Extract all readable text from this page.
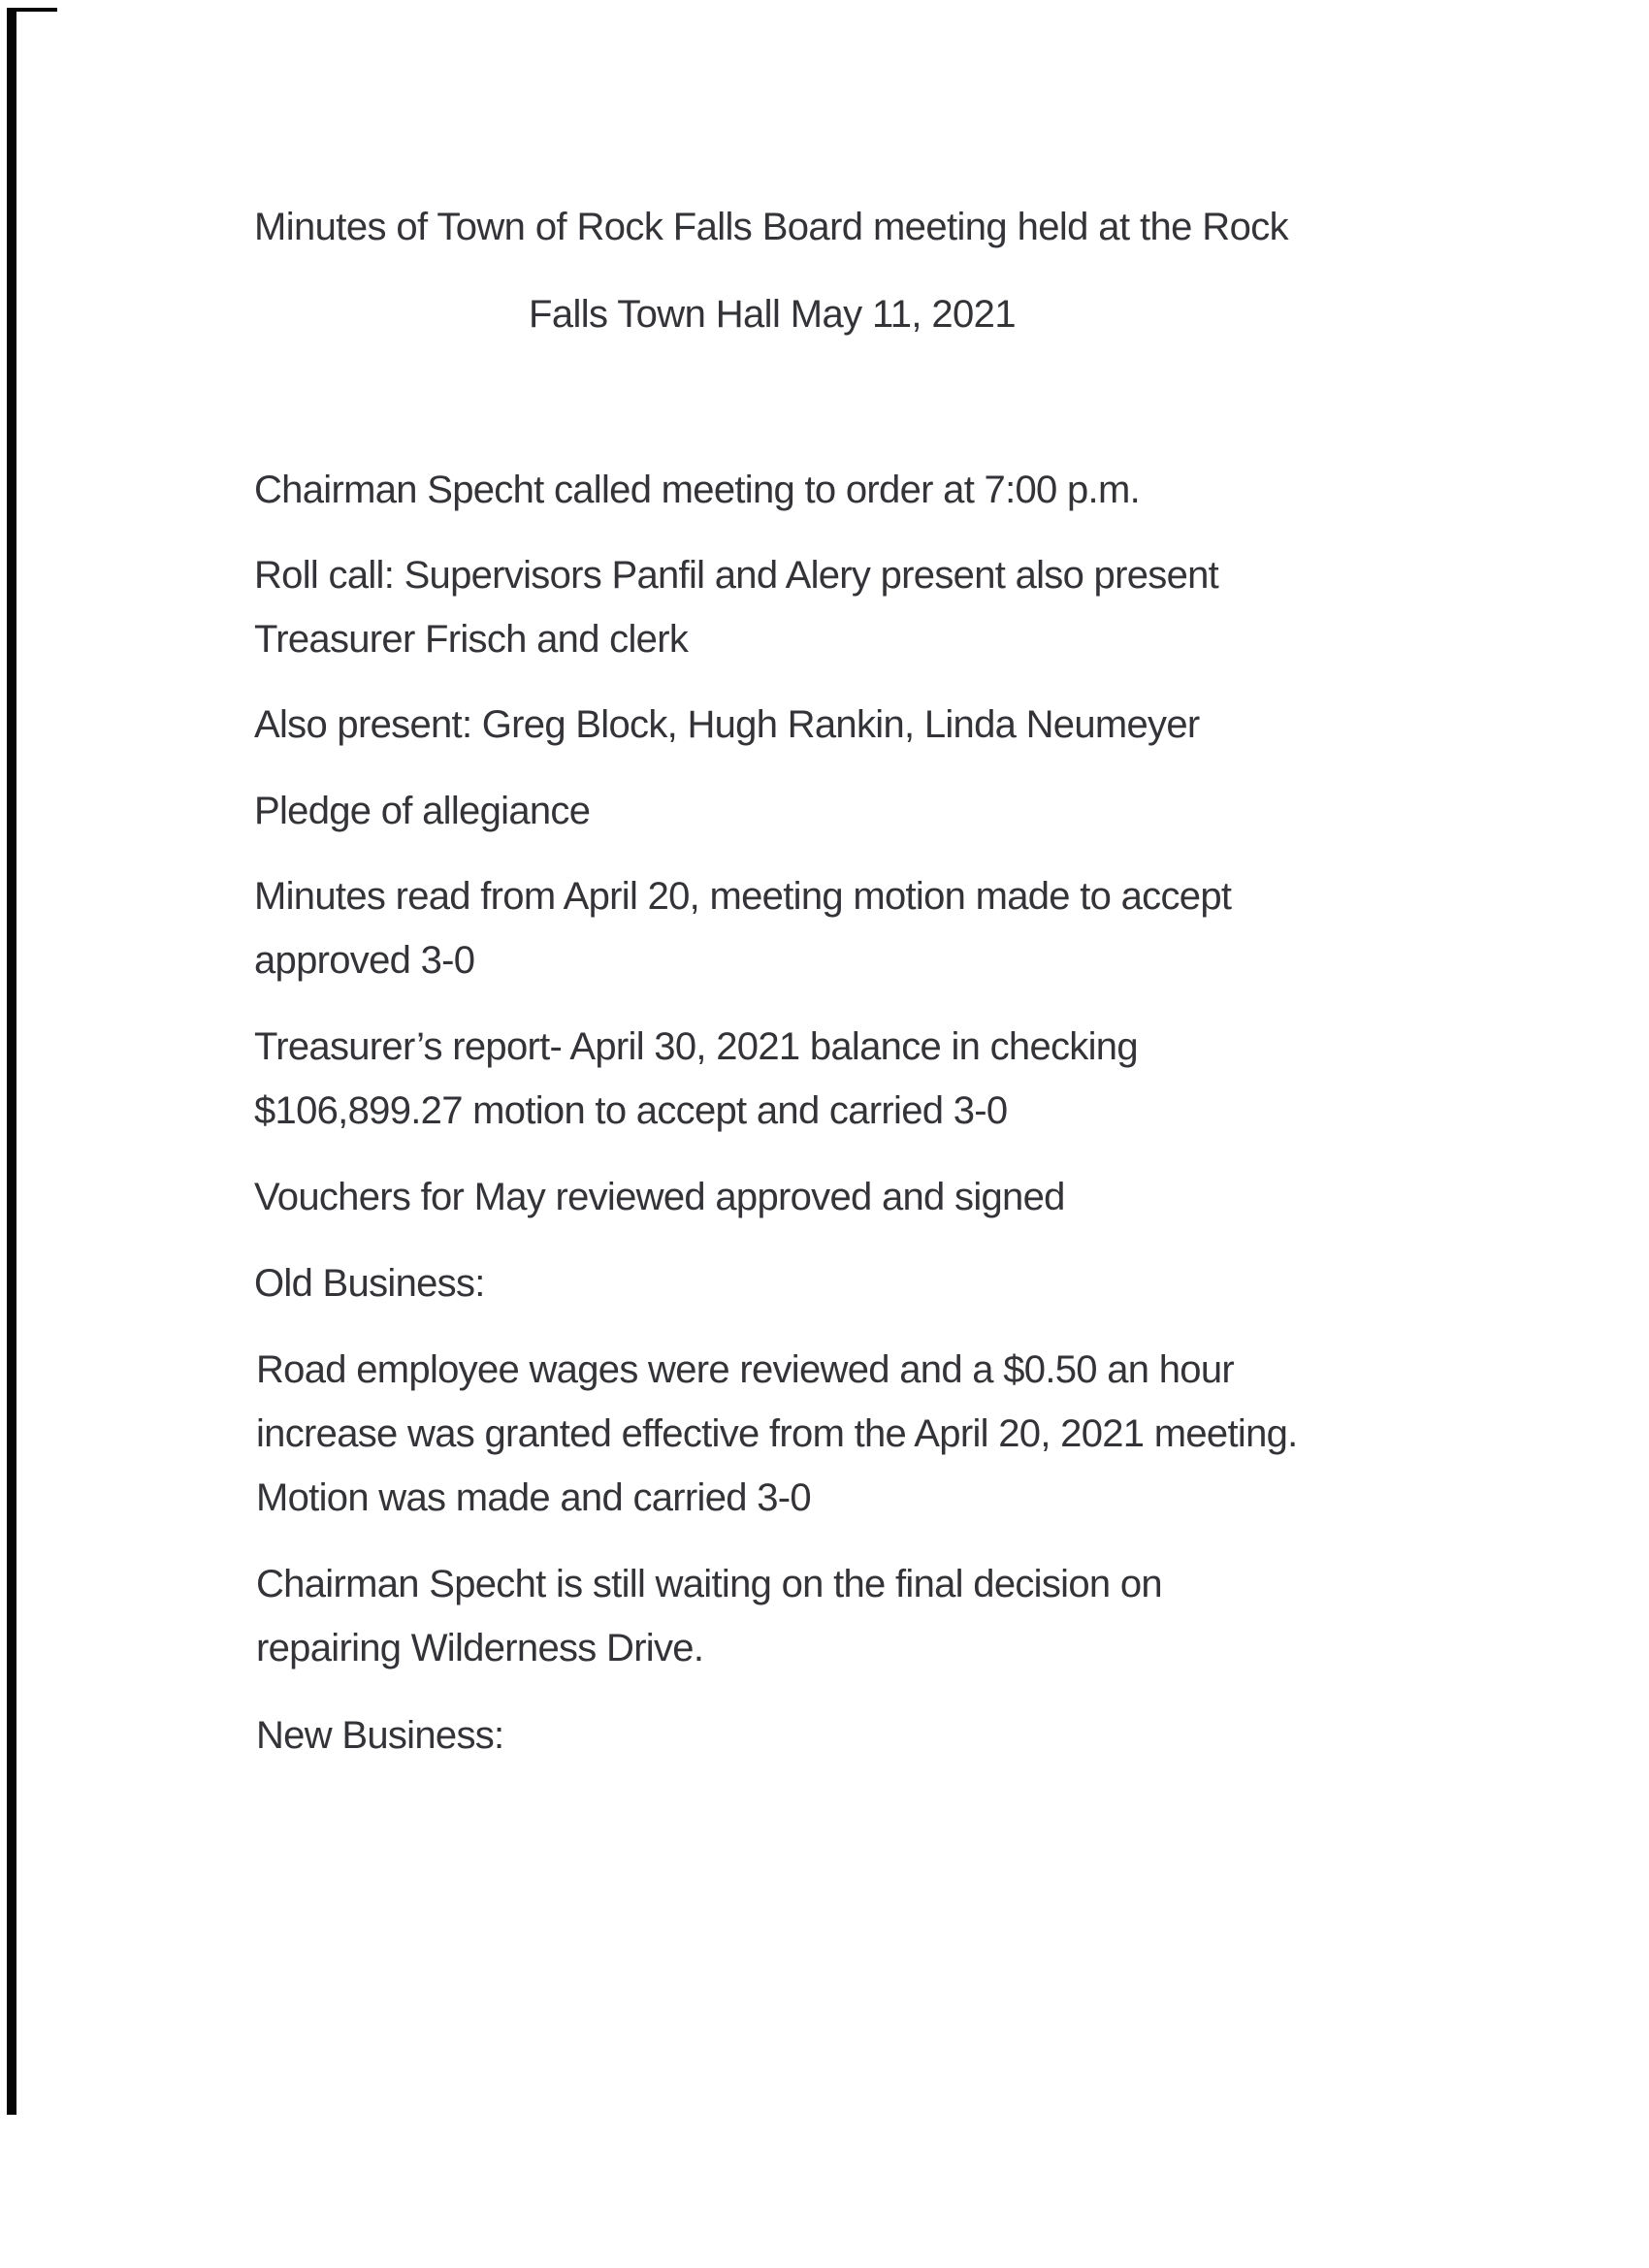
Minutes of Town of Rock Falls Board meeting held at the Rock
Falls Town Hall May 11, 2021
Chairman Specht called meeting to order at 7:00 p.m.
Roll call: Supervisors Panfil and Alery present also present
Treasurer Frisch and clerk
Also present: Greg Block, Hugh Rankin, Linda Neumeyer
Pledge of allegiance
Minutes read from April 20, meeting motion made to accept
approved 3-0
Treasurer’s report- April 30, 2021 balance in checking
$106,899.27 motion to accept and carried 3-0
Vouchers for May reviewed approved and signed
Old Business:
Road employee wages were reviewed and a $0.50 an hour
increase was granted effective from the April 20, 2021 meeting.
Motion was made and carried 3-0
Chairman Specht is still waiting on the final decision on
repairing Wilderness Drive.
New Business:
